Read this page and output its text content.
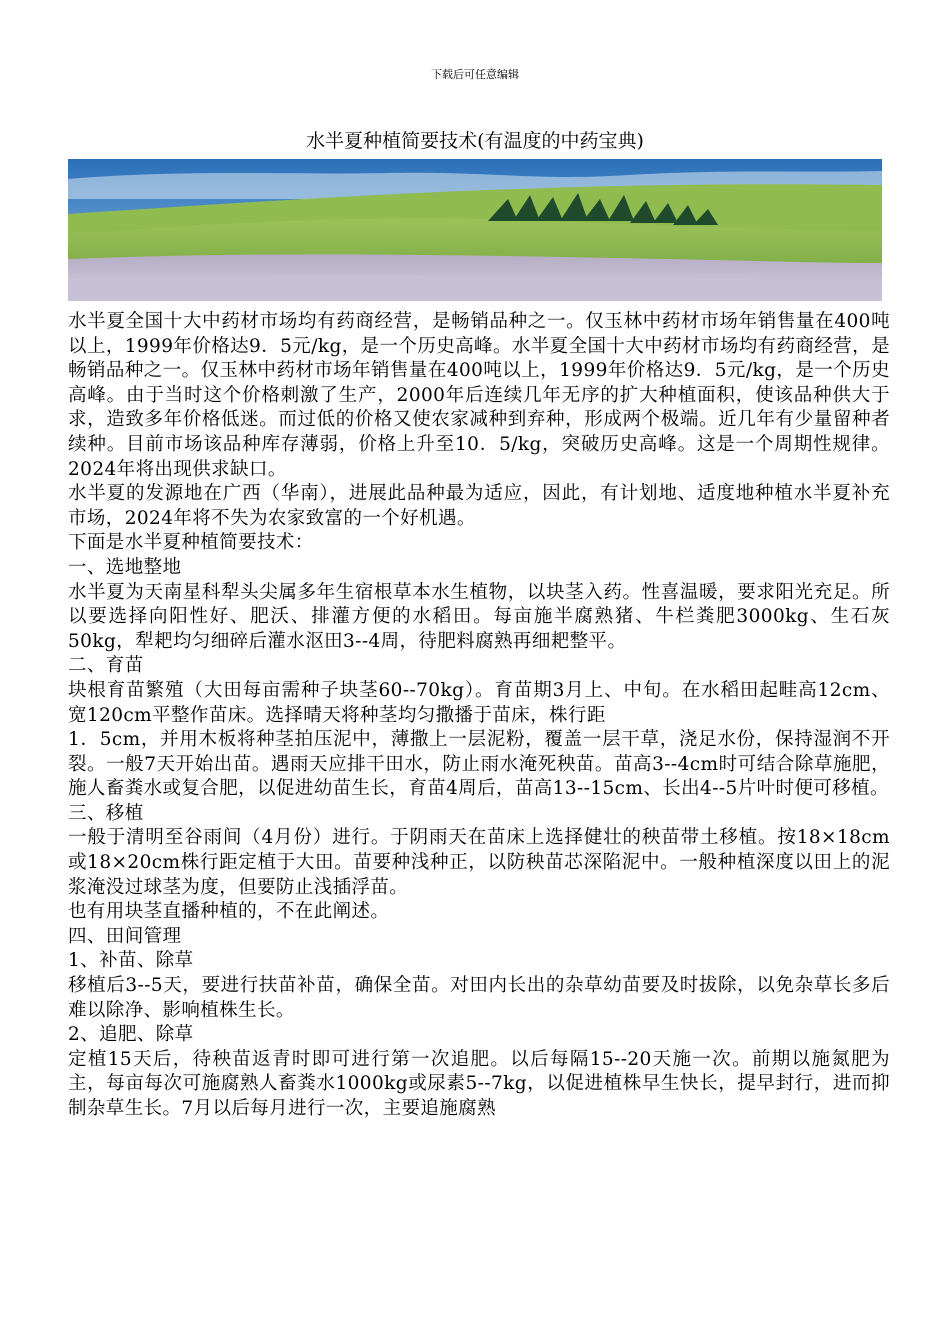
下载后可任意编辑
水半夏种植简要技术(有温度的中药宝典)

水半夏全国十大中药材市场均有药商经营，是畅销品种之一。仅玉林中药材市场年销售量在400吨以上，1999年价格达9．5元/kg，是一个历史高峰。水半夏全国十大中药材市场均有药商经营，是畅销品种之一。仅玉林中药材市场年销售量在400吨以上，1999年价格达9．5元/kg，是一个历史高峰。由于当时这个价格刺激了生产，2000年后连续几年无序的扩大种植面积，使该品种供大于求，造致多年价格低迷。而过低的价格又使农家减种到弃种，形成两个极端。近几年有少量留种者续种。目前市场该品种库存薄弱，价格上升至10．5/kg，突破历史高峰。这是一个周期性规律。2024年将出现供求缺口。

水半夏的发源地在广西（华南），进展此品种最为适应，因此，有计划地、适度地种植水半夏补充市场，2024年将不失为农家致富的一个好机遇。

下面是水半夏种植简要技术：

一、选地整地

水半夏为天南星科犁头尖属多年生宿根草本水生植物，以块茎入药。性喜温暖，要求阳光充足。所以要选择向阳性好、肥沃、排灌方便的水稻田。每亩施半腐熟猪、牛栏粪肥3000kg、生石灰50kg，犁耙均匀细碎后灌水沤田3--4周，待肥料腐熟再细耙整平。

二、育苗

块根育苗繁殖（大田每亩需种子块茎60--70kg）。育苗期3月上、中旬。在水稻田起畦高12cm、宽120cm平整作苗床。选择晴天将种茎均匀撒播于苗床，株行距

1．5cm，并用木板将种茎拍压泥中，薄撒上一层泥粉，覆盖一层干草，浇足水份，保持湿润不开裂。一般7天开始出苗。遇雨天应排干田水，防止雨水淹死秧苗。苗高3--4cm时可结合除草施肥，施人畜粪水或复合肥，以促进幼苗生长，育苗4周后，苗高13--15cm、长出4--5片叶时便可移植。

三、移植

一般于清明至谷雨间（4月份）进行。于阴雨天在苗床上选择健壮的秧苗带土移植。按18×18cm或18×20cm株行距定植于大田。苗要种浅种正，以防秧苗芯深陷泥中。一般种植深度以田上的泥浆淹没过球茎为度，但要防止浅插浮苗。

也有用块茎直播种植的，不在此阐述。

四、田间管理

1、补苗、除草

移植后3--5天，要进行扶苗补苗，确保全苗。对田内长出的杂草幼苗要及时拔除，以免杂草长多后难以除净、影响植株生长。

2、追肥、除草

定植15天后，待秧苗返青时即可进行第一次追肥。以后每隔15--20天施一次。前期以施氮肥为主，每亩每次可施腐熟人畜粪水1000kg或尿素5--7kg，以促进植株早生快长，提早封行，进而抑制杂草生长。7月以后每月进行一次，主要追施腐熟
